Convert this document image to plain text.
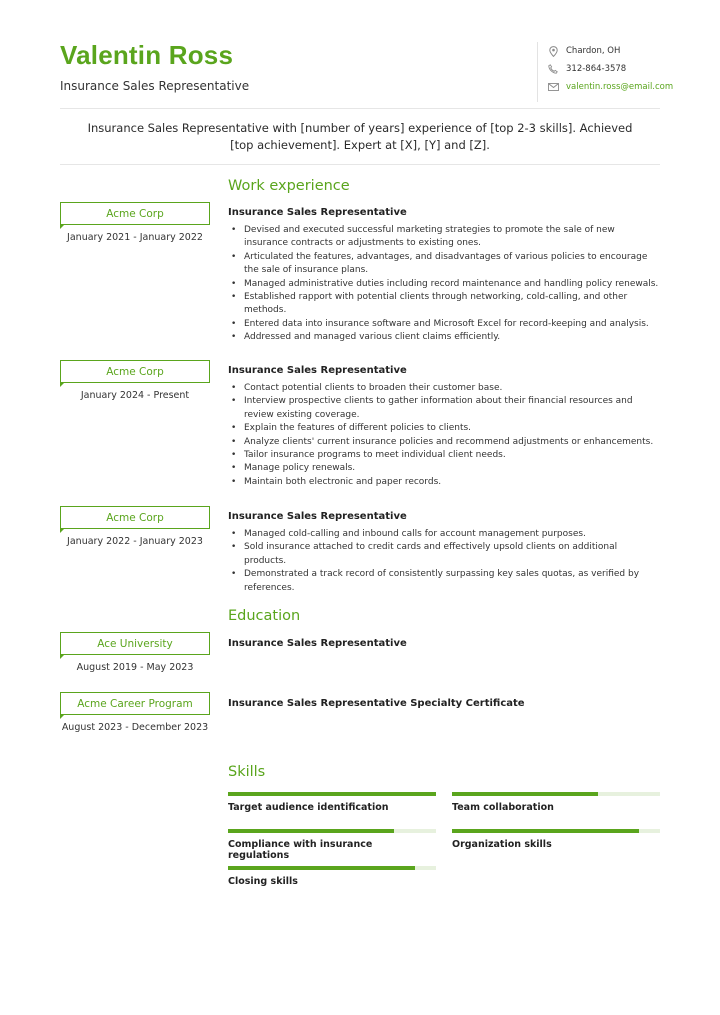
Valentin Ross
Insurance Sales Representative
Chardon, OH
312-864-3578
valentin.ross@email.com
Insurance Sales Representative with [number of years] experience of [top 2-3 skills]. Achieved [top achievement]. Expert at [X], [Y] and [Z].
Work experience
Acme Corp
January 2021 - January 2022
Insurance Sales Representative
• Devised and executed successful marketing strategies to promote the sale of new insurance contracts or adjustments to existing ones.
• Articulated the features, advantages, and disadvantages of various policies to encourage the sale of insurance plans.
• Managed administrative duties including record maintenance and handling policy renewals.
• Established rapport with potential clients through networking, cold-calling, and other methods.
• Entered data into insurance software and Microsoft Excel for record-keeping and analysis.
• Addressed and managed various client claims efficiently.
Acme Corp
January 2024 - Present
Insurance Sales Representative
• Contact potential clients to broaden their customer base.
• Interview prospective clients to gather information about their financial resources and review existing coverage.
• Explain the features of different policies to clients.
• Analyze clients' current insurance policies and recommend adjustments or enhancements.
• Tailor insurance programs to meet individual client needs.
• Manage policy renewals.
• Maintain both electronic and paper records.
Acme Corp
January 2022 - January 2023
Insurance Sales Representative
• Managed cold-calling and inbound calls for account management purposes.
• Sold insurance attached to credit cards and effectively upsold clients on additional products.
• Demonstrated a track record of consistently surpassing key sales quotas, as verified by references.
Education
Ace University
August 2019 - May 2023
Insurance Sales Representative
Acme Career Program
August 2023 - December 2023
Insurance Sales Representative Specialty Certificate
Skills
Target audience identification	Team collaboration
Compliance with insurance regulations
Organization skills
Closing skills
